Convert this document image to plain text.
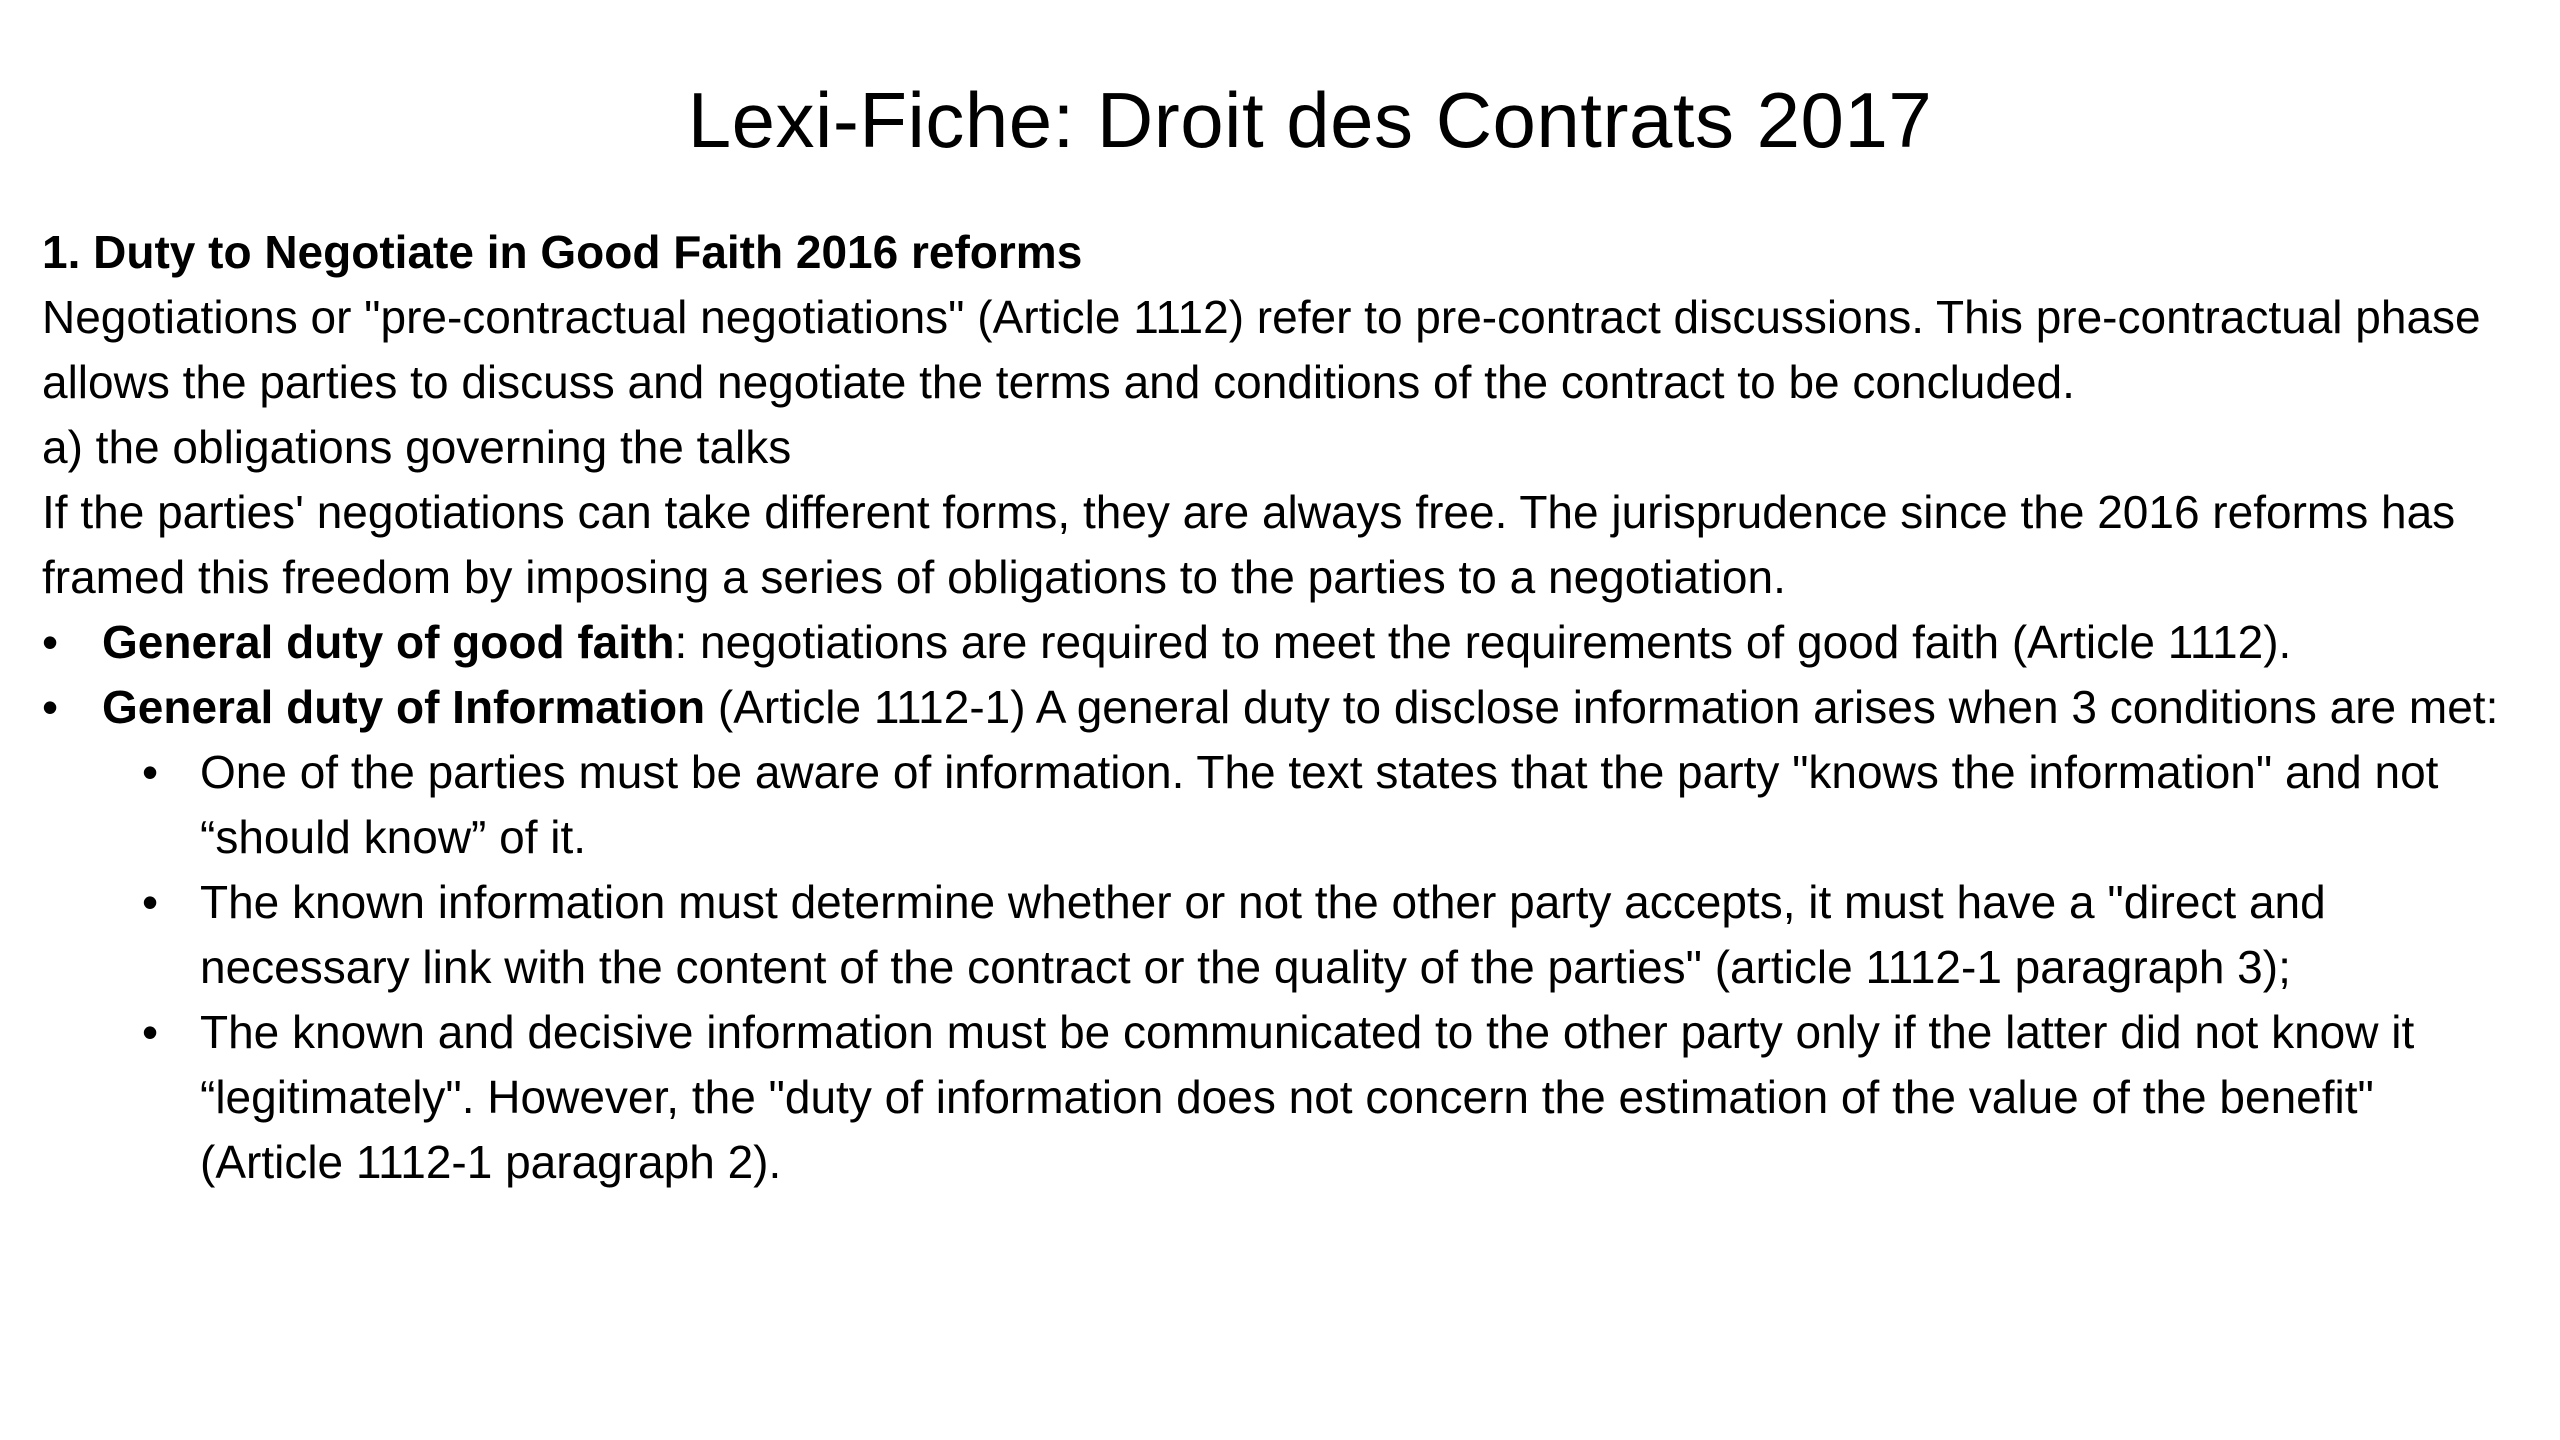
Lexi-Fiche: Droit des Contrats 2017

1. Duty to Negotiate in Good Faith 2016 reforms

Negotiations or "pre-contractual negotiations" (Article 1112) refer to pre-contract discussions. This pre-contractual phase allows the parties to discuss and negotiate the terms and conditions of the contract to be concluded.

a) the obligations governing the talks

If the parties' negotiations can take different forms, they are always free. The jurisprudence since the 2016 reforms has framed this freedom by imposing a series of obligations to the parties to a negotiation.

• General duty of good faith: negotiations are required to meet the requirements of good faith (Article 1112).
• General duty of Information (Article 1112-1) A general duty to disclose information arises when 3 conditions are met:
• One of the parties must be aware of information. The text states that the party "knows the information" and not “should know” of it.
• The known information must determine whether or not the other party accepts, it must have a "direct and necessary link with the content of the contract or the quality of the parties" (article 1112-1 paragraph 3);
• The known and decisive information must be communicated to the other party only if the latter did not know it “legitimately". However, the "duty of information does not concern the estimation of the value of the benefit" (Article 1112-1 paragraph 2).
